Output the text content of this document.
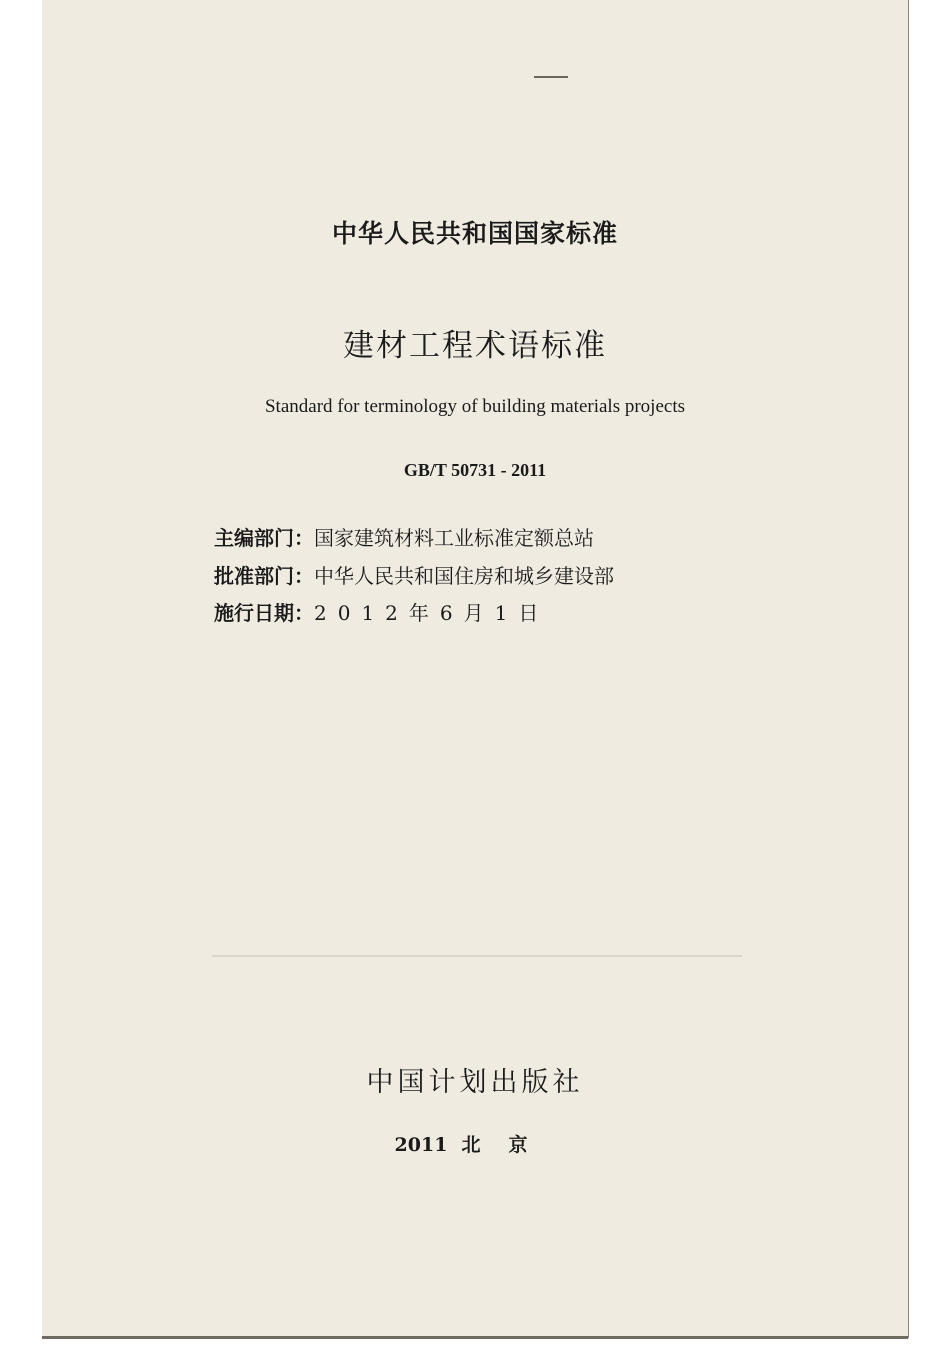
中华人民共和国国家标准
建材工程术语标准
Standard for terminology of building materials projects
GB/T 50731 - 2011
主编部门：国家建筑材料工业标准定额总站
批准部门：中华人民共和国住房和城乡建设部
施行日期：2012年6月1日
中国计划出版社
2011 北京
